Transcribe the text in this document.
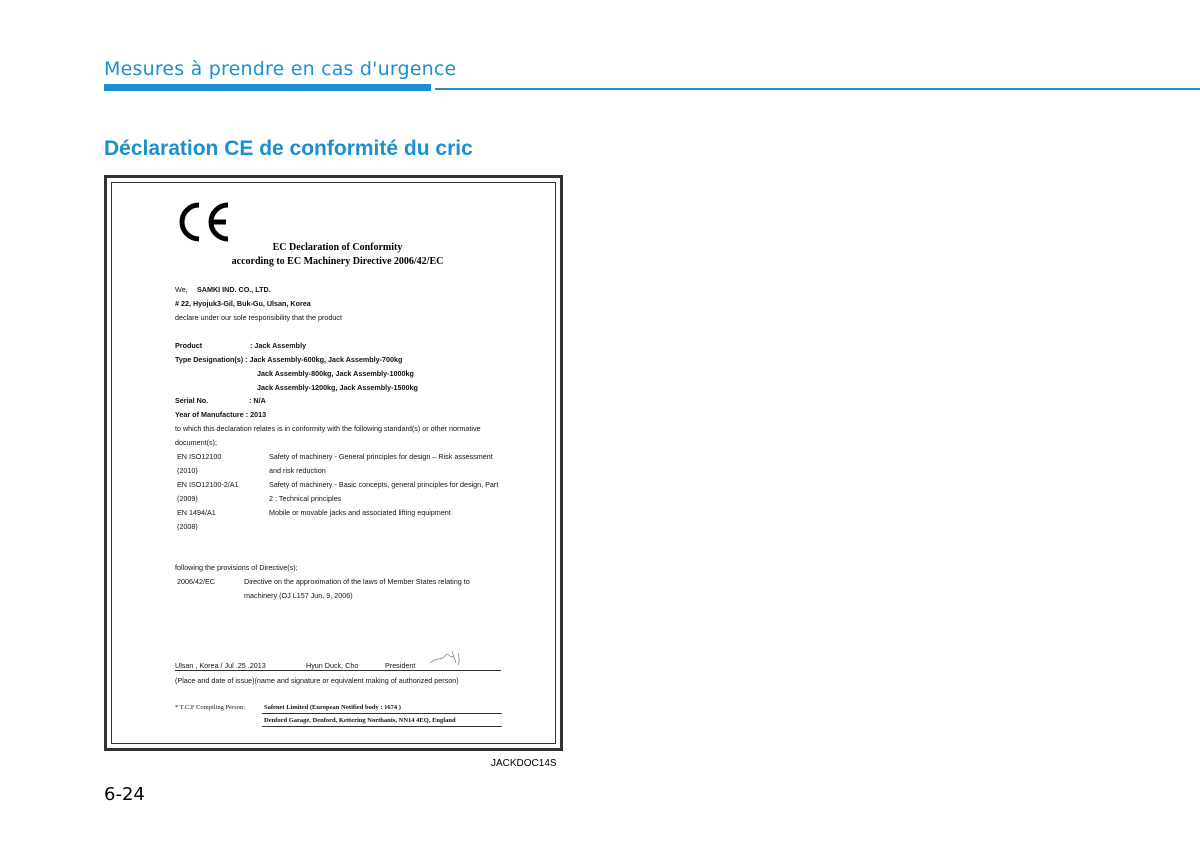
Mesures à prendre en cas d'urgence
Déclaration CE de conformité du cric
EC Declaration of Conformity
according to EC Machinery Directive 2006/42/EC
We, SAMKI IND. CO., LTD.
# 22, Hyojuk3-Gil, Buk-Gu, Ulsan, Korea
declare under our sole responsibility that the product
Product	: Jack Assembly
Type Designation(s) : Jack Assembly-600kg, Jack Assembly-700kg
Jack Assembly-800kg, Jack Assembly-1000kg
Jack Assembly-1200kg, Jack Assembly-1500kg
Serial No.	: N/A
Year of Manufacture : 2013
to which this declaration relates is in conformity with the following standard(s) or other normative
document(s);
EN ISO12100	Safety of machinery - General principles for design – Risk assessment
(2010)	and risk reduction
EN ISO12100-2/A1	Safety of machinery - Basic concepts, general principles for design, Part
(2009)	2 : Technical principles
EN 1494/A1	Mobile or movable jacks and associated lifting equipment
(2008)
following the provisions of Directive(s);
2006/42/EC	Directive on the approximation of the laws of Member States relating to
machinery (OJ L157 Jun, 9, 2006)
Ulsan , Korea / Jul .25 .2013	Hyun Duck, Cho	President
(Place and date of issue)(name and signature or equivalent making of authorized person)
* T.C.F Compiling Person:	Safenet Limited (European Notified body : 1674 )
Denford Garage, Denford, Kettering Northants, NN14 4EQ, England
JACKDOC14S
6-24
